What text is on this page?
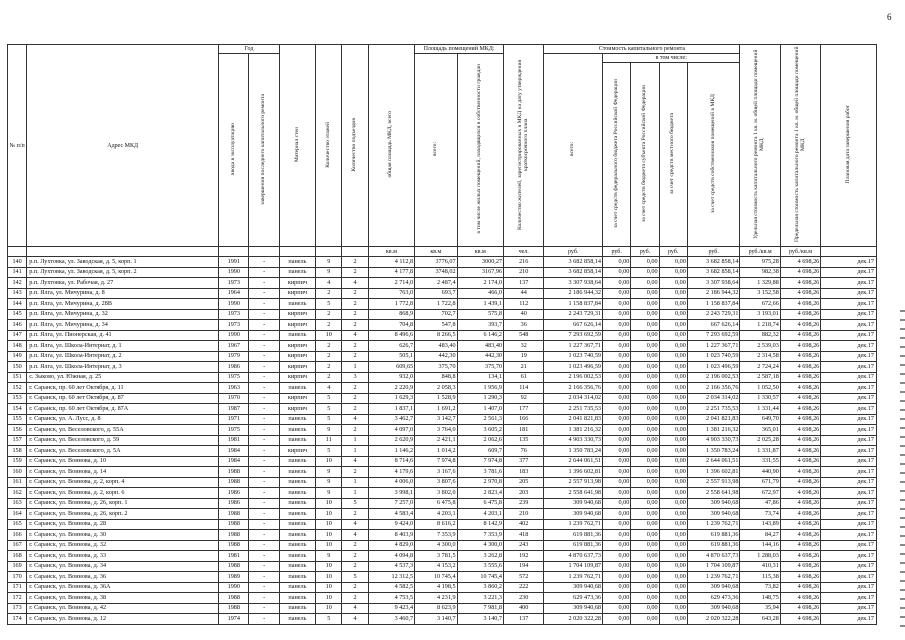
6
№ п/п	Адрес МКД	Год		Материал стен	Количество этажей	Количество подъездов	общая площадь МКД, всего	Площадь помещений МКД:		Количество жителей, зарегистрированных в МКД на дату утверждения краткосрочного плана	Стоимость капитального ремонта					Удельная стоимость капитального ремонта 1 кв. м. общей площади помещений МКД	Предельная стоимость капитального ремонта 1 кв. м. общей площади помещений МКД	Плановая дата завершения работ
		ввода в эксплуатацию	завершения последнего капитального ремонта					всего:	в том числе жилых помещений, находящихся в собственности граждан		всего:	в том числе:						
												за счет средств федерального бюджета Российской Федерации	за счет средств бюджета субъекта Российской Федерации	за счет средств местного бюджета	за счет средств собственников помещений в МКД			
							кв.м	кв.м	кв.м	чел.	руб.	руб.	руб.	руб.	руб.	руб./кв.м	руб./кв.м	
140	р.п. Лухтовка, ул. Заводская, д. 5, корп. 1	1991	-	панель	9	2	4 112,8	3776,07	3000,27	216	3 682 858,14	0,00	0,00	0,00	3 682 858,14	975,28	4 698,26	дек.17
141	р.п. Лухтовка, ул. Заводская, д. 5, корп. 2	1990	-	панель	9	2	4 177,8	3748,02	3167,96	210	3 682 858,14	0,00	0,00	0,00	3 682 858,14	982,38	4 698,26	дек.17
142	р.п. Лухтовка, ул. Рабочая, д. 27	1973	-	кирпич	4	4	2 714,0	2 487,4	2 174,0	137	3 307 938,64	0,00	0,00	0,00	3 307 938,64	1 329,88	4 698,26	дек.17
143	р.п. Ялга, ул. Мичурина, д. 8	1964	-	кирпич	2	2	763,0	693,7	466,0	44	2 186 944,32	0,00	0,00	0,00	2 186 944,32	3 152,58	4 698,26	дек.17
144	р.п. Ялга, ул. Мичурина, д. 28В	1990	-	панель	5	2	1 772,8	1 722,8	1 439,1	112	1 158 837,84	0,00	0,00	0,00	1 158 837,84	672,66	4 698,26	дек.17
145	р.п. Ялга, ул. Мичурина, д. 32	1973	-	кирпич	2	2	868,9	702,7	575,8	40	2 243 729,31	0,00	0,00	0,00	2 243 729,31	3 193,01	4 698,26	дек.17
146	р.п. Ялга, ул. Мичурина, д. 34	1973	-	кирпич	2	2	704,8	547,8	393,7	36	667 626,14	0,00	0,00	0,00	667 626,14	1 218,74	4 698,26	дек.17
147	р.п. Ялга, ул. Пионерская, д. 41	1990	-	панель	10	4	8 496,6	8 266,5	6 146,2	548	7 293 692,59	0,00	0,00	0,00	7 293 692,59	882,32	4 698,26	дек.17
148	р.п. Ялга, ул. Школа-Интернат, д. 1	1967	-	кирпич	2	2	626,7	483,40	483,40	32	1 227 367,71	0,00	0,00	0,00	1 227 367,71	2 539,03	4 698,26	дек.17
149	р.п. Ялга, ул. Школа-Интернат, д. 2	1979	-	кирпич	2	2	505,1	442,30	442,30	19	1 023 740,59	0,00	0,00	0,00	1 023 740,59	2 314,58	4 698,26	дек.17
150	р.п. Ялга, ул. Школа-Интернат, д. 3	1986	-	кирпич	2	1	609,65	375,70	375,70	21	1 023 496,59	0,00	0,00	0,00	1 023 496,59	2 724,24	4 698,26	дек.17
151	с. Зыково, ул. Южная, д. 25	1975	-	кирпич	2	3	932,0	848,8	134,1	61	2 196 002,53	0,00	0,00	0,00	2 196 002,53	2 587,18	4 698,26	дек.17
152	г. Саранск, пр. 60 лет Октября, д. 11	1963	-	панель	4	2	2 220,9	2 058,3	1 956,9	114	2 166 356,76	0,00	0,00	0,00	2 166 356,76	1 052,50	4 698,26	дек.17
153	г. Саранск, пр. 60 лет Октября, д. 87	1970	-	кирпич	5	2	1 629,3	1 528,9	1 290,3	92	2 034 314,02	0,00	0,00	0,00	2 034 314,02	1 330,57	4 698,26	дек.17
154	г. Саранск, пр. 60 лет Октября, д. 87А	1987	-	кирпич	5	2	1 837,1	1 691,2	1 407,0	177	2 251 735,53	0,00	0,00	0,00	2 251 735,53	1 331,44	4 698,26	дек.17
155	г. Саранск, ул. А. Лусс, д. 8	1971	-	панель	5	4	3 462,7	3 142,7	2 561,3	166	2 041 821,83	0,00	0,00	0,00	2 041 821,83	649,70	4 698,26	дек.17
156	г. Саранск, ул. Веселовского, д. 55А	1975	-	панель	9	2	4 097,0	3 764,0	3 605,2	181	1 381 216,32	0,00	0,00	0,00	1 381 216,32	365,01	4 698,26	дек.17
157	г. Саранск, ул. Веселовского, д. 59	1981	-	панель	11	1	2 620,9	2 421,1	2 062,6	135	4 903 330,73	0,00	0,00	0,00	4 903 330,73	2 025,28	4 698,26	дек.17
158	г. Саранск, ул. Веселовского, д. 5А	1984	-	кирпич	5	1	1 146,2	1 014,2	609,7	76	1 350 783,24	0,00	0,00	0,00	1 350 783,24	1 331,87	4 698,26	дек.17
159	г. Саранск, ул. Воинова, д. 10	1984	-	панель	10	4	8 714,6	7 974,8	7 974,8	377	2 644 061,51	0,00	0,00	0,00	2 644 061,51	331,55	4 698,26	дек.17
160	г. Саранск, ул. Воинова, д. 14	1988	-	панель	9	2	4 179,6	3 167,6	3 781,6	183	1 396 602,81	0,00	0,00	0,00	1 396 602,81	440,90	4 698,26	дек.17
161	г. Саранск, ул. Воинова, д. 2, корп. 4	1988	-	панель	9	1	4 006,0	3 807,6	2 970,8	205	2 557 913,98	0,00	0,00	0,00	2 557 913,98	671,79	4 698,26	дек.17
162	г. Саранск, ул. Воинова, д. 2, корп. 6	1986	-	панель	9	1	3 998,1	3 802,0	2 823,4	203	2 558 641,98	0,00	0,00	0,00	2 558 641,98	672,97	4 698,26	дек.17
163	г. Саранск, ул. Воинова, д. 26, корп. 1	1986	-	панель	10	5	7 257,0	6 475,8	6 475,8	239	309 940,68	0,00	0,00	0,00	309 940,68	47,86	4 698,26	дек.17
164	г. Саранск, ул. Воинова, д. 26, корп. 2	1988	-	панель	10	2	4 583,4	4 203,1	4 203,1	210	309 940,68	0,00	0,00	0,00	309 940,68	73,74	4 698,26	дек.17
165	г. Саранск, ул. Воинова, д. 28	1988	-	панель	10	4	9 424,0	8 616,2	8 142,9	402	1 239 762,71	0,00	0,00	0,00	1 239 762,71	143,89	4 698,26	дек.17
166	г. Саранск, ул. Воинова, д. 30	1988	-	панель	10	4	8 403,9	7 353,9	7 353,9	418	619 881,36	0,00	0,00	0,00	619 881,36	84,27	4 698,26	дек.17
167	г. Саранск, ул. Воинова, д. 32	1988	-	панель	10	2	4 829,0	4 300,0	4 300,0	243	619 881,36	0,00	0,00	0,00	619 881,36	144,16	4 698,26	дек.17
168	г. Саранск, ул. Воинова, д. 33	1981	-	панель	9	2	4 094,8	3 781,5	3 262,8	192	4 870 637,73	0,00	0,00	0,00	4 870 637,73	1 288,03	4 698,26	дек.17
169	г. Саранск, ул. Воинова, д. 34	1988	-	панель	10	2	4 537,3	4 153,2	3 555,6	194	1 704 109,87	0,00	0,00	0,00	1 704 109,87	410,31	4 698,26	дек.17
170	г. Саранск, ул. Воинова, д. 36	1989	-	панель	10	5	12 312,5	10 745,4	10 745,4	572	1 239 762,71	0,00	0,00	0,00	1 239 762,71	115,38	4 698,26	дек.17
171	г. Саранск, ул. Воинова, д. 36А	1990	-	панель	10	2	4 582,5	4 198,5	3 860,2	222	309 940,68	0,00	0,00	0,00	309 940,68	73,82	4 698,26	дек.17
172	г. Саранск, ул. Воинова, д. 38	1988	-	панель	10	2	4 753,5	4 231,9	3 221,3	230	629 473,36	0,00	0,00	0,00	629 473,36	148,75	4 698,26	дек.17
173	г. Саранск, ул. Воинова, д. 42	1988	-	панель	10	4	9 423,4	8 623,9	7 981,8	400	309 940,68	0,00	0,00	0,00	309 940,68	35,94	4 698,26	дек.17
174	г. Саранск, ул. Воинова, д. 12	1974	-	панель	5	4	3 460,7	3 140,7	3 140,7	137	2 020 322,28	0,00	0,00	0,00	2 020 322,28	643,28	4 698,26	дек.17
